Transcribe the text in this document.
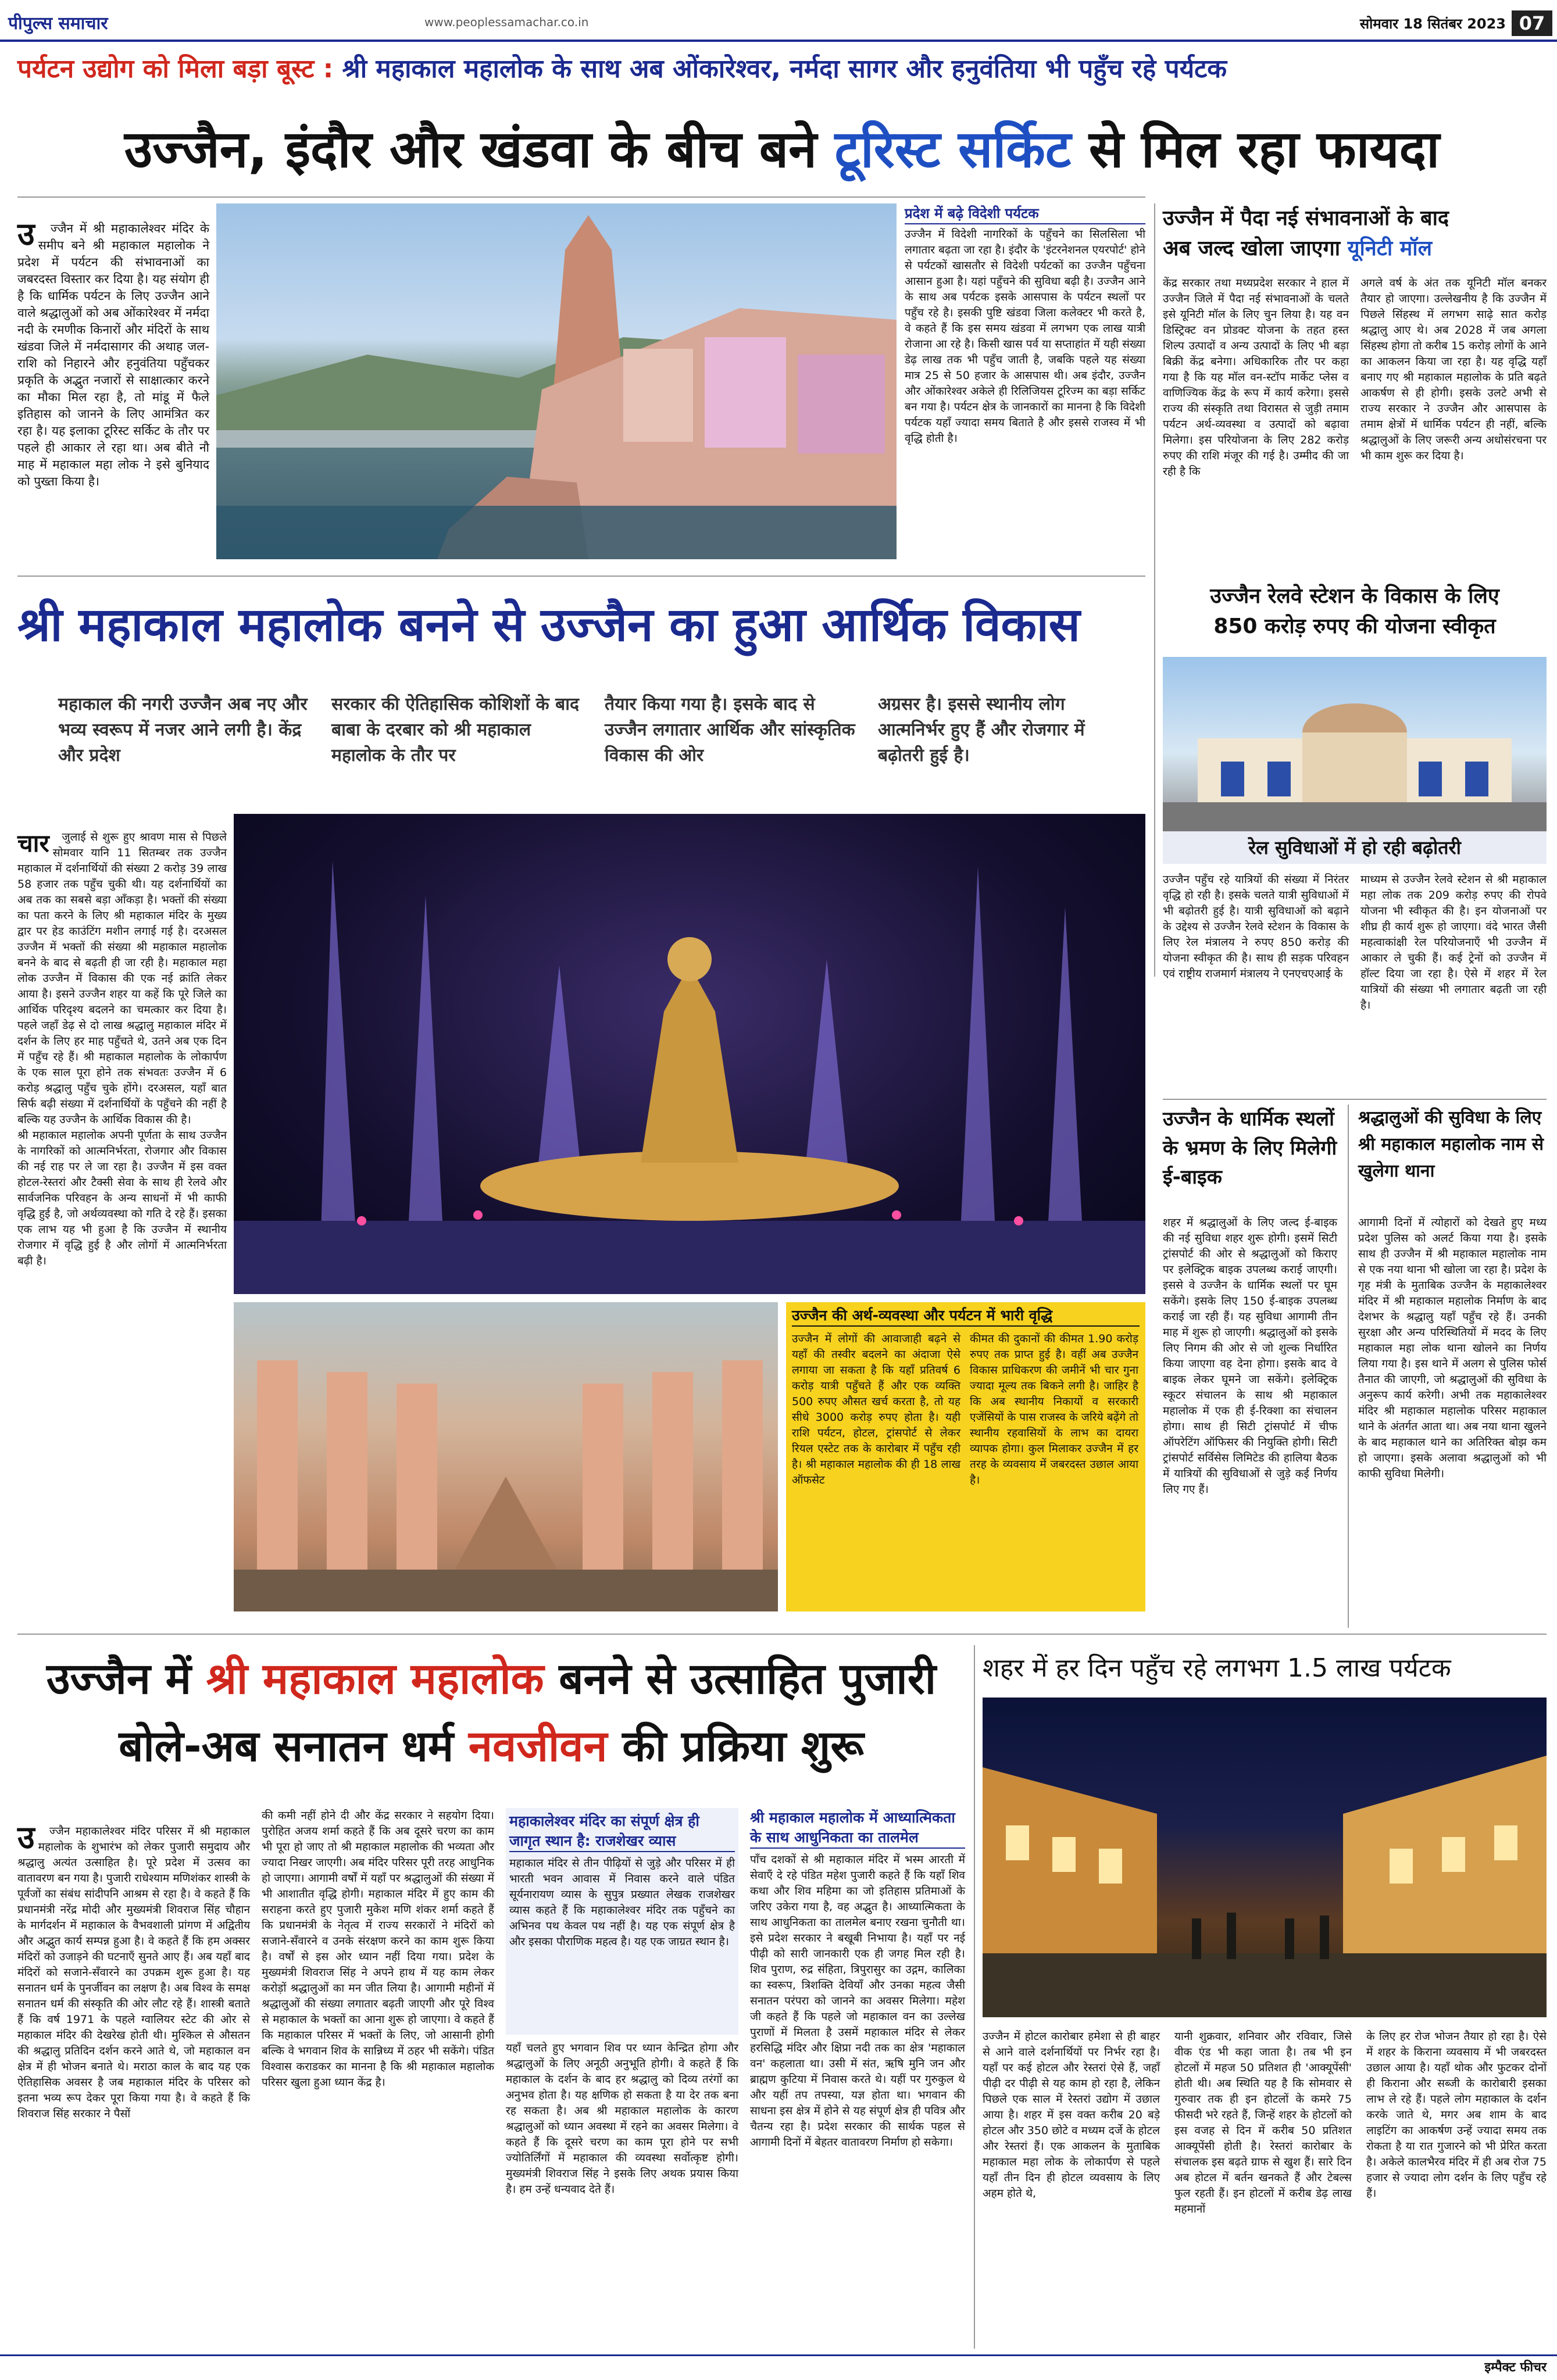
पीपुल्स समाचार	www.peoplessamachar.co.in	सोमवार 18 सितंबर 2023 07
पर्यटन उद्योग को मिला बड़ा बूस्ट : श्री महाकाल महालोक के साथ अब ओंकारेश्वर, नर्मदा सागर और हनुवंतिया भी पहुँच रहे पर्यटक
उज्जैन, इंदौर और खंडवा के बीच बने टूरिस्ट सर्किट से मिल रहा फायदा

उ ज्जैन में श्री महाकालेश्वर मंदिर के समीप बने श्री महाकाल महालोक ने प्रदेश में पर्यटन की संभावनाओं का जबरदस्त विस्तार कर दिया है। यह संयोग ही है कि धार्मिक पर्यटन के लिए उज्जैन आने वाले श्रद्धालुओं को अब ओंकारेश्वर में नर्मदा नदी के रमणीक किनारों और मंदिरों के साथ खंडवा जिले में नर्मदासागर की अथाह जल-राशि को निहारने और हनुवंतिया पहुँचकर प्रकृति के अद्भुत नजारों से साक्षात्कार करने का मौका मिल रहा है, तो मांडू में फैले इतिहास को जानने के लिए आमंत्रित कर रहा है। यह इलाका टूरिस्ट सर्किट के तौर पर पहले ही आकार ले रहा था। अब बीते नौ माह में महाकाल महा लोक ने इसे बुनियाद को पुख्ता किया है।

प्रदेश में बढ़े विदेशी पर्यटक
उज्जैन में विदेशी नागरिकों के पहुँचने का सिलसिला भी लगातार बढ़ता जा रहा है। इंदौर के 'इंटरनेशनल एयरपोर्ट' होने से पर्यटकों खासतौर से विदेशी पर्यटकों का उज्जैन पहुँचना आसान हुआ है। यहां पहुँचने की सुविधा बढ़ी है। उज्जैन आने के साथ अब पर्यटक इसके आसपास के पर्यटन स्थलों पर पहुँच रहे है। इसकी पुष्टि खंडवा जिला कलेक्टर भी करते है, वे कहते हैं कि इस समय खंडवा में लगभग एक लाख यात्री रोजाना आ रहे है। किसी खास पर्व या सप्ताहांत में यही संख्या डेढ़ लाख तक भी पहुँच जाती है, जबकि पहले यह संख्या मात्र 25 से 50 हजार के आसपास थी। अब इंदौर, उज्जैन और ओंकारेश्वर अकेले ही रिलिजियस टूरिज्म का बड़ा सर्किट बन गया है। पर्यटन क्षेत्र के जानकारों का मानना है कि विदेशी पर्यटक यहाँ ज्यादा समय बिताते है और इससे राजस्व में भी वृद्धि होती है।
उज्जैन में पैदा नई संभावनाओं के बाद
अब जल्द खोला जाएगा यूनिटी मॉल
केंद्र सरकार तथा मध्यप्रदेश सरकार ने हाल में उज्जैन जिले में पैदा नई संभावनाओं के चलते इसे यूनिटी मॉल के लिए चुन लिया है। यह वन डिस्ट्रिक्ट वन प्रोडक्ट योजना के तहत हस्त शिल्प उत्पादों व अन्य उत्पादों के लिए भी बड़ा बिक्री केंद्र बनेगा। अधिकारिक तौर पर कहा गया है कि यह मॉल वन-स्टॉप मार्केट प्लेस व वाणिज्यिक केंद्र के रूप में कार्य करेगा। इससे राज्य की संस्कृति तथा विरासत से जुड़ी तमाम पर्यटन अर्थ-व्यवस्था व उत्पादों को बढ़ावा मिलेगा। इस परियोजना के लिए 282 करोड़ रुपए की राशि मंजूर की गई है। उम्मीद की जा रही है कि
अगले वर्ष के अंत तक यूनिटी मॉल बनकर तैयार हो जाएगा। उल्लेखनीय है कि उज्जैन में पिछले सिंहस्थ में लगभग साढ़े सात करोड़ श्रद्धालु आए थे। अब 2028 में जब अगला सिंहस्थ होगा तो करीब 15 करोड़ लोगों के आने का आकलन किया जा रहा है। यह वृद्धि यहाँ बनाए गए श्री महाकाल महालोक के प्रति बढ़ते आकर्षण से ही होगी। इसके उलटे अभी से राज्य सरकार ने उज्जैन और आसपास के तमाम क्षेत्रों में धार्मिक पर्यटन ही नहीं, बल्कि श्रद्धालुओं के लिए जरूरी अन्य अधोसंरचना पर भी काम शुरू कर दिया है।
श्री महाकाल महालोक बनने से उज्जैन का हुआ आर्थिक विकास
महाकाल की नगरी उज्जैन अब नए और भव्य स्वरूप में नजर आने लगी है। केंद्र और प्रदेश
सरकार की ऐतिहासिक कोशिशों के बाद बाबा के दरबार को श्री महाकाल महालोक के तौर पर
तैयार किया गया है। इसके बाद से उज्जैन लगातार आर्थिक और सांस्कृतिक विकास की ओर
अग्रसर है। इससे स्थानीय लोग आत्मनिर्भर हुए हैं और रोजगार में बढ़ोतरी हुई है।

चार जुलाई से शुरू हुए श्रावण मास से पिछले सोमवार यानि 11 सितम्बर तक उज्जैन महाकाल में दर्शनार्थियों की संख्या 2 करोड़ 39 लाख 58 हजार तक पहुँच चुकी थी। यह दर्शनार्थियों का अब तक का सबसे बड़ा आँकड़ा है। भक्तों की संख्या का पता करने के लिए श्री महाकाल मंदिर के मुख्य द्वार पर हेड काउंटिंग मशीन लगाई गई है। दरअसल उज्जैन में भक्तों की संख्या श्री महाकाल महालोक बनने के बाद से बढ़ती ही जा रही है। महाकाल महा लोक उज्जैन में विकास की एक नई क्रांति लेकर आया है। इसने उज्जैन शहर या कहें कि पूरे जिले का आर्थिक परिदृश्य बदलने का चमत्कार कर दिया है। पहले जहाँ डेढ़ से दो लाख श्रद्धालु महाकाल मंदिर में दर्शन के लिए हर माह पहुँचते थे, उतने अब एक दिन में पहुँच रहे हैं। श्री महाकाल महालोक के लोकार्पण के एक साल पूरा होने तक संभवतः उज्जैन में 6 करोड़ श्रद्धालु पहुँच चुके होंगे। दरअसल, यहाँ बात सिर्फ बढ़ी संख्या में दर्शनार्थियों के पहुँचने की नहीं है बल्कि यह उज्जैन के आर्थिक विकास की है।
श्री महाकाल महालोक अपनी पूर्णता के साथ उज्जैन के नागरिकों को आत्मनिर्भरता, रोजगार और विकास की नई राह पर ले जा रहा है। उज्जैन में इस वक्त होटल-रेस्तरां और टैक्सी सेवा के साथ ही रेलवे और सार्वजनिक परिवहन के अन्य साधनों में भी काफी वृद्धि हुई है, जो अर्थव्यवस्था को गति दे रहे हैं। इसका एक लाभ यह भी हुआ है कि उज्जैन में स्थानीय रोजगार में वृद्धि हुई है और लोगों में आत्मनिर्भरता बढ़ी है।

उज्जैन की अर्थ-व्यवस्था और पर्यटन में भारी वृद्धि
उज्जैन में लोगों की आवाजाही बढ़ने से यहाँ की तस्वीर बदलने का अंदाजा ऐसे लगाया जा सकता है कि यहाँ प्रतिवर्ष 6 करोड़ यात्री पहुँचते हैं और एक व्यक्ति 500 रुपए औसत खर्च करता है, तो यह सीधे 3000 करोड़ रुपए होता है। यही राशि पर्यटन, होटल, ट्रांसपोर्ट से लेकर रियल एस्टेट तक के कारोबार में पहुँच रही है। श्री महाकाल महालोक की ही 18 लाख ऑफसेट
कीमत की दुकानों की कीमत 1.90 करोड़ रुपए तक प्राप्त हुई है। वहीं अब उज्जैन विकास प्राधिकरण की जमीनें भी चार गुना ज्यादा मूल्य तक बिकने लगी है। जाहिर है कि अब स्थानीय निकायों व सरकारी एजेंसियों के पास राजस्व के जरिये बढ़ेंगे तो स्थानीय रहवासियों के लाभ का दायरा व्यापक होगा। कुल मिलाकर उज्जैन में हर तरह के व्यवसाय में जबरदस्त उछाल आया है।
उज्जैन रेलवे स्टेशन के विकास के लिए
850 करोड़ रुपए की योजना स्वीकृत
रेल सुविधाओं में हो रही बढ़ोतरी
उज्जैन पहुँच रहे यात्रियों की संख्या में निरंतर वृद्धि हो रही है। इसके चलते यात्री सुविधाओं में भी बढ़ोतरी हुई है। यात्री सुविधाओं को बढ़ाने के उद्देश्य से उज्जैन रेलवे स्टेशन के विकास के लिए रेल मंत्रालय ने रुपए 850 करोड़ की योजना स्वीकृत की है। साथ ही सड़क परिवहन एवं राष्ट्रीय राजमार्ग मंत्रालय ने एनएचएआई के
माध्यम से उज्जैन रेलवे स्टेशन से श्री महाकाल महा लोक तक 209 करोड़ रुपए की रोपवे योजना भी स्वीकृत की है। इन योजनाओं पर शीघ्र ही कार्य शुरू हो जाएगा। वंदे भारत जैसी महत्वाकांक्षी रेल परियोजनाएँ भी उज्जैन में आकार ले चुकी हैं। कई ट्रेनों को उज्जैन में हॉल्ट दिया जा रहा है। ऐसे में शहर में रेल यात्रियों की संख्या भी लगातार बढ़ती जा रही है।
उज्जैन के धार्मिक स्थलों के भ्रमण के लिए मिलेगी ई-बाइक
शहर में श्रद्धालुओं के लिए जल्द ई-बाइक की नई सुविधा शहर शुरू होगी। इसमें सिटी ट्रांसपोर्ट की ओर से श्रद्धालुओं को किराए पर इलेक्ट्रिक बाइक उपलब्ध कराई जाएगी। इससे वे उज्जैन के धार्मिक स्थलों पर घूम सकेंगे। इसके लिए 150 ई-बाइक उपलब्ध कराई जा रही हैं। यह सुविधा आगामी तीन माह में शुरू हो जाएगी। श्रद्धालुओं को इसके लिए निगम की ओर से जो शुल्क निर्धारित किया जाएगा वह देना होगा। इसके बाद वे बाइक लेकर घूमने जा सकेंगे। इलेक्ट्रिक स्कूटर संचालन के साथ श्री महाकाल महालोक में एक ही ई-रिक्शा का संचालन होगा। साथ ही सिटी ट्रांसपोर्ट में चीफ ऑपरेटिंग ऑफिसर की नियुक्ति होगी। सिटी ट्रांसपोर्ट सर्विसेस लिमिटेड की हालिया बैठक में यात्रियों की सुविधाओं से जुड़े कई निर्णय लिए गए हैं।
श्रद्धालुओं की सुविधा के लिए श्री महाकाल महालोक नाम से खुलेगा थाना
आगामी दिनों में त्योहारों को देखते हुए मध्य प्रदेश पुलिस को अलर्ट किया गया है। इसके साथ ही उज्जैन में श्री महाकाल महालोक नाम से एक नया थाना भी खोला जा रहा है। प्रदेश के गृह मंत्री के मुताबिक उज्जैन के महाकालेश्वर मंदिर में श्री महाकाल महालोक निर्माण के बाद देशभर के श्रद्धालु यहाँ पहुँच रहे हैं। उनकी सुरक्षा और अन्य परिस्थितियों में मदद के लिए महाकाल महा लोक थाना खोलने का निर्णय लिया गया है। इस थाने में अलग से पुलिस फोर्स तैनात की जाएगी, जो श्रद्धालुओं की सुविधा के अनुरूप कार्य करेगी। अभी तक महाकालेश्वर मंदिर श्री महाकाल महालोक परिसर महाकाल थाने के अंतर्गत आता था। अब नया थाना खुलने के बाद महाकाल थाने का अतिरिक्त बोझ कम हो जाएगा। इसके अलावा श्रद्धालुओं को भी काफी सुविधा मिलेगी।
उज्जैन में श्री महाकाल महालोक बनने से उत्साहित पुजारी
बोले-अब सनातन धर्म नवजीवन की प्रक्रिया शुरू

उ ज्जैन महाकालेश्वर मंदिर परिसर में श्री महाकाल महालोक के शुभारंभ को लेकर पुजारी समुदाय और श्रद्धालु अत्यंत उत्साहित है। पूरे प्रदेश में उत्सव का वातावरण बन गया है। पुजारी राधेश्याम मणिशंकर शास्त्री के पूर्वजों का संबंध सांदीपनि आश्रम से रहा है। वे कहते हैं कि प्रधानमंत्री नरेंद्र मोदी और मुख्यमंत्री शिवराज सिंह चौहान के मार्गदर्शन में महाकाल के वैभवशाली प्रांगण में अद्वितीय और अद्भुत कार्य सम्पन्न हुआ है। वे कहते हैं कि हम अक्सर मंदिरों को उजाड़ने की घटनाएँ सुनते आए हैं। अब यहाँ बाद मंदिरों को सजाने-सँवारने का उपक्रम शुरू हुआ है। यह सनातन धर्म के पुनर्जीवन का लक्षण है। अब विश्व के समक्ष सनातन धर्म की संस्कृति की ओर लौट रहे हैं। शास्त्री बताते हैं कि वर्ष 1971 के पहले ग्वालियर स्टेट की ओर से महाकाल मंदिर की देखरेख होती थी। मुश्किल से औसतन की श्रद्धालु प्रतिदिन दर्शन करने आते थे, जो महाकाल वन क्षेत्र में ही भोजन बनाते थे। मराठा काल के बाद यह एक ऐतिहासिक अवसर है जब महाकाल मंदिर के परिसर को इतना भव्य रूप देकर पूरा किया गया है। वे कहते हैं कि शिवराज सिंह सरकार ने पैसों

की कमी नहीं होने दी और केंद्र सरकार ने सहयोग दिया। पुरोहित अजय शर्मा कहते हैं कि अब दूसरे चरण का काम भी पूरा हो जाए तो श्री महाकाल महालोक की भव्यता और ज्यादा निखर जाएगी। अब मंदिर परिसर पूरी तरह आधुनिक हो जाएगा। आगामी वर्षों में यहाँ पर श्रद्धालुओं की संख्या में भी आशातीत वृद्धि होगी। महाकाल मंदिर में हुए काम की सराहना करते हुए पुजारी मुकेश मणि शंकर शर्मा कहते हैं कि प्रधानमंत्री के नेतृत्व में राज्य सरकारों ने मंदिरों को सजाने-सँवारने व उनके संरक्षण करने का काम शुरू किया है। वर्षों से इस ओर ध्यान नहीं दिया गया। प्रदेश के मुख्यमंत्री शिवराज सिंह ने अपने हाथ में यह काम लेकर करोड़ों श्रद्धालुओं का मन जीत लिया है। आगामी महीनों में श्रद्धालुओं की संख्या लगातार बढ़ती जाएगी और पूरे विश्व से महाकाल के भक्तों का आना शुरू हो जाएगा। वे कहते हैं कि महाकाल परिसर में भक्तों के लिए, जो आसानी होगी बल्कि वे भगवान शिव के सान्निध्य में ठहर भी सकेंगे। पंडित विश्वास कराडकर का मानना है कि श्री महाकाल महालोक परिसर खुला हुआ ध्यान केंद्र है।
महाकालेश्वर मंदिर का संपूर्ण क्षेत्र ही जागृत स्थान है: राजशेखर व्यास
महाकाल मंदिर से तीन पीढ़ियों से जुड़े और परिसर में ही भारती भवन आवास में निवास करने वाले पंडित सूर्यनारायण व्यास के सुपुत्र प्रख्यात लेखक राजशेखर व्यास कहते हैं कि महाकालेश्वर मंदिर तक पहुँचने का अभिनव पथ केवल पथ नहीं है। यह एक संपूर्ण क्षेत्र है और इसका पौराणिक महत्व है। यह एक जाग्रत स्थान है।
यहाँ चलते हुए भगवान शिव पर ध्यान केन्द्रित होगा और श्रद्धालुओं के लिए अनूठी अनुभूति होगी। वे कहते हैं कि महाकाल के दर्शन के बाद हर श्रद्धालु को दिव्य तरंगों का अनुभव होता है। यह क्षणिक हो सकता है या देर तक बना रह सकता है। अब श्री महाकाल महालोक के कारण श्रद्धालुओं को ध्यान अवस्था में रहने का अवसर मिलेगा। वे कहते हैं कि दूसरे चरण का काम पूरा होने पर सभी ज्योतिर्लिंगों में महाकाल की व्यवस्था सर्वोत्कृष्ट होगी। मुख्यमंत्री शिवराज सिंह ने इसके लिए अथक प्रयास किया है। हम उन्हें धन्यवाद देते हैं।
श्री महाकाल महालोक में आध्यात्मिकता के साथ आधुनिकता का तालमेल
पाँच दशकों से श्री महाकाल मंदिर में भस्म आरती में सेवाएँ दे रहे पंडित महेश पुजारी कहते हैं कि यहाँ शिव कथा और शिव महिमा का जो इतिहास प्रतिमाओं के जरिए उकेरा गया है, वह अद्भुत है। आध्यात्मिकता के साथ आधुनिकता का तालमेल बनाए रखना चुनौती था। इसे प्रदेश सरकार ने बखूबी निभाया है। यहाँ पर नई पीढ़ी को सारी जानकारी एक ही जगह मिल रही है। शिव पुराण, रुद्र संहिता, त्रिपुरासुर का उद्गम, कालिका का स्वरूप, त्रिशक्ति देवियाँ और उनका महत्व जैसी सनातन परंपरा को जानने का अवसर मिलेगा। महेश जी कहते हैं कि पहले जो महाकाल वन का उल्लेख पुराणों में मिलता है उसमें महाकाल मंदिर से लेकर हरसिद्धि मंदिर और क्षिप्रा नदी तक का क्षेत्र 'महाकाल वन' कहलाता था। उसी में संत, ऋषि मुनि जन और ब्राह्मण कुटिया में निवास करते थे। यहीं पर गुरुकुल थे और यहीं तप तपस्या, यज्ञ होता था। भगवान की साधना इस क्षेत्र में होने से यह संपूर्ण क्षेत्र ही पवित्र और चैतन्य रहा है। प्रदेश सरकार की सार्थक पहल से आगामी दिनों में बेहतर वातावरण निर्माण हो सकेगा।
शहर में हर दिन पहुँच रहे लगभग 1.5 लाख पर्यटक
उज्जैन में होटल कारोबार हमेशा से ही बाहर से आने वाले दर्शनार्थियों पर निर्भर रहा है। यहाँ पर कई होटल और रेस्तरां ऐसे हैं, जहाँ पीढ़ी दर पीढ़ी से यह काम हो रहा है, लेकिन पिछले एक साल में रेस्तरां उद्योग में उछाल आया है। शहर में इस वक्त करीब 20 बड़े होटल और 350 छोटे व मध्यम दर्जे के होटल और रेस्तरां हैं। एक आकलन के मुताबिक महाकाल महा लोक के लोकार्पण से पहले यहाँ तीन दिन ही होटल व्यवसाय के लिए अहम होते थे,
यानी शुक्रवार, शनिवार और रविवार, जिसे वीक एंड भी कहा जाता है। तब भी इन होटलों में महज 50 प्रतिशत ही 'आक्यूपेंसी' होती थी। अब स्थिति यह है कि सोमवार से गुरुवार तक ही इन होटलों के कमरे 75 फीसदी भरे रहते हैं, जिन्हें शहर के होटलों को इस वजह से दिन में करीब 50 प्रतिशत आक्यूपेंसी होती है। रेस्तरां कारोबार के संचालक इस बढ़ते ग्राफ से खुश हैं। सारे दिन अब होटल में बर्तन खनकते हैं और टेबल्स फुल रहती हैं। इन होटलों में करीब डेढ़ लाख महमानों
के लिए हर रोज भोजन तैयार हो रहा है। ऐसे में शहर के किराना व्यवसाय में भी जबरदस्त उछाल आया है। यहाँ थोक और फुटकर दोनों ही किराना और सब्जी के कारोबारी इसका लाभ ले रहे हैं। पहले लोग महाकाल के दर्शन करके जाते थे, मगर अब शाम के बाद लाइटिंग का आकर्षण उन्हें ज्यादा समय तक रोकता है या रात गुजारने को भी प्रेरित करता है। अकेले कालभैरव मंदिर में ही अब रोज 75 हजार से ज्यादा लोग दर्शन के लिए पहुँच रहे हैं।
इम्पैक्ट फीचर
